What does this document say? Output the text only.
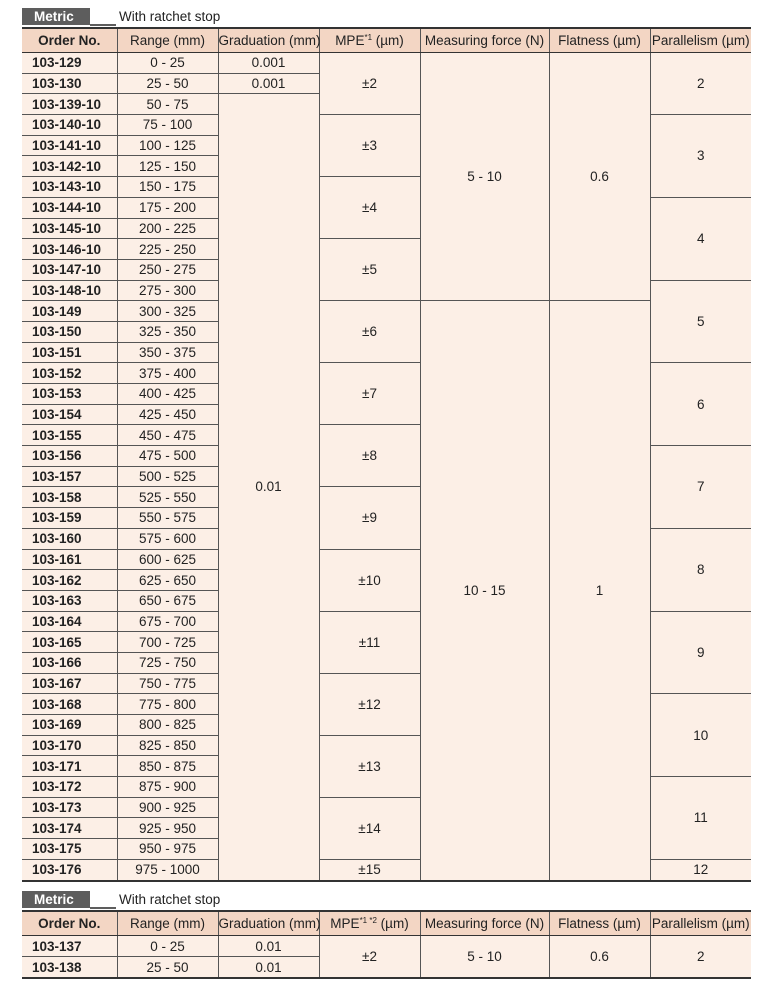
Metric	With ratchet stop
Order No.	Range (mm)	Graduation (mm)	MPE$^{*1}$ (µm)	Measuring force (N)	Flatness (µm)	Parallelism (µm)
103-129	0 - 25	0.001	±2	5 - 10	0.6	2
103-130	25 - 50	0.001				
103-139-10	50 - 75	0.01				
103-140-10	75 - 100		±3			3
103-141-10	100 - 125					
103-142-10	125 - 150					
103-143-10	150 - 175		±4			
103-144-10	175 - 200					4
103-145-10	200 - 225					
103-146-10	225 - 250		±5			
103-147-10	250 - 275					
103-148-10	275 - 300					5
103-149	300 - 325		±6	10 - 15	1	
103-150	325 - 350					
103-151	350 - 375					
103-152	375 - 400		±7			6
103-153	400 - 425					
103-154	425 - 450					
103-155	450 - 475		±8			
103-156	475 - 500					7
103-157	500 - 525					
103-158	525 - 550		±9			
103-159	550 - 575					
103-160	575 - 600					8
103-161	600 - 625		±10			
103-162	625 - 650					
103-163	650 - 675					
103-164	675 - 700		±11			9
103-165	700 - 725					
103-166	725 - 750					
103-167	750 - 775		±12			
103-168	775 - 800					10
103-169	800 - 825					
103-170	825 - 850		±13			
103-171	850 - 875					
103-172	875 - 900					11
103-173	900 - 925		±14			
103-174	925 - 950					
103-175	950 - 975					
103-176	975 - 1000		±15			12
Metric	With ratchet stop
Order No.	Range (mm)	Graduation (mm)	$MPE^{*1 *2}$ (µm)	Measuring force (N)	Flatness (µm)	Parallelism (µm)
103-137	0 - 25	0.01	±2	5 - 10	0.6	2
103-138	25 - 50	0.01				
